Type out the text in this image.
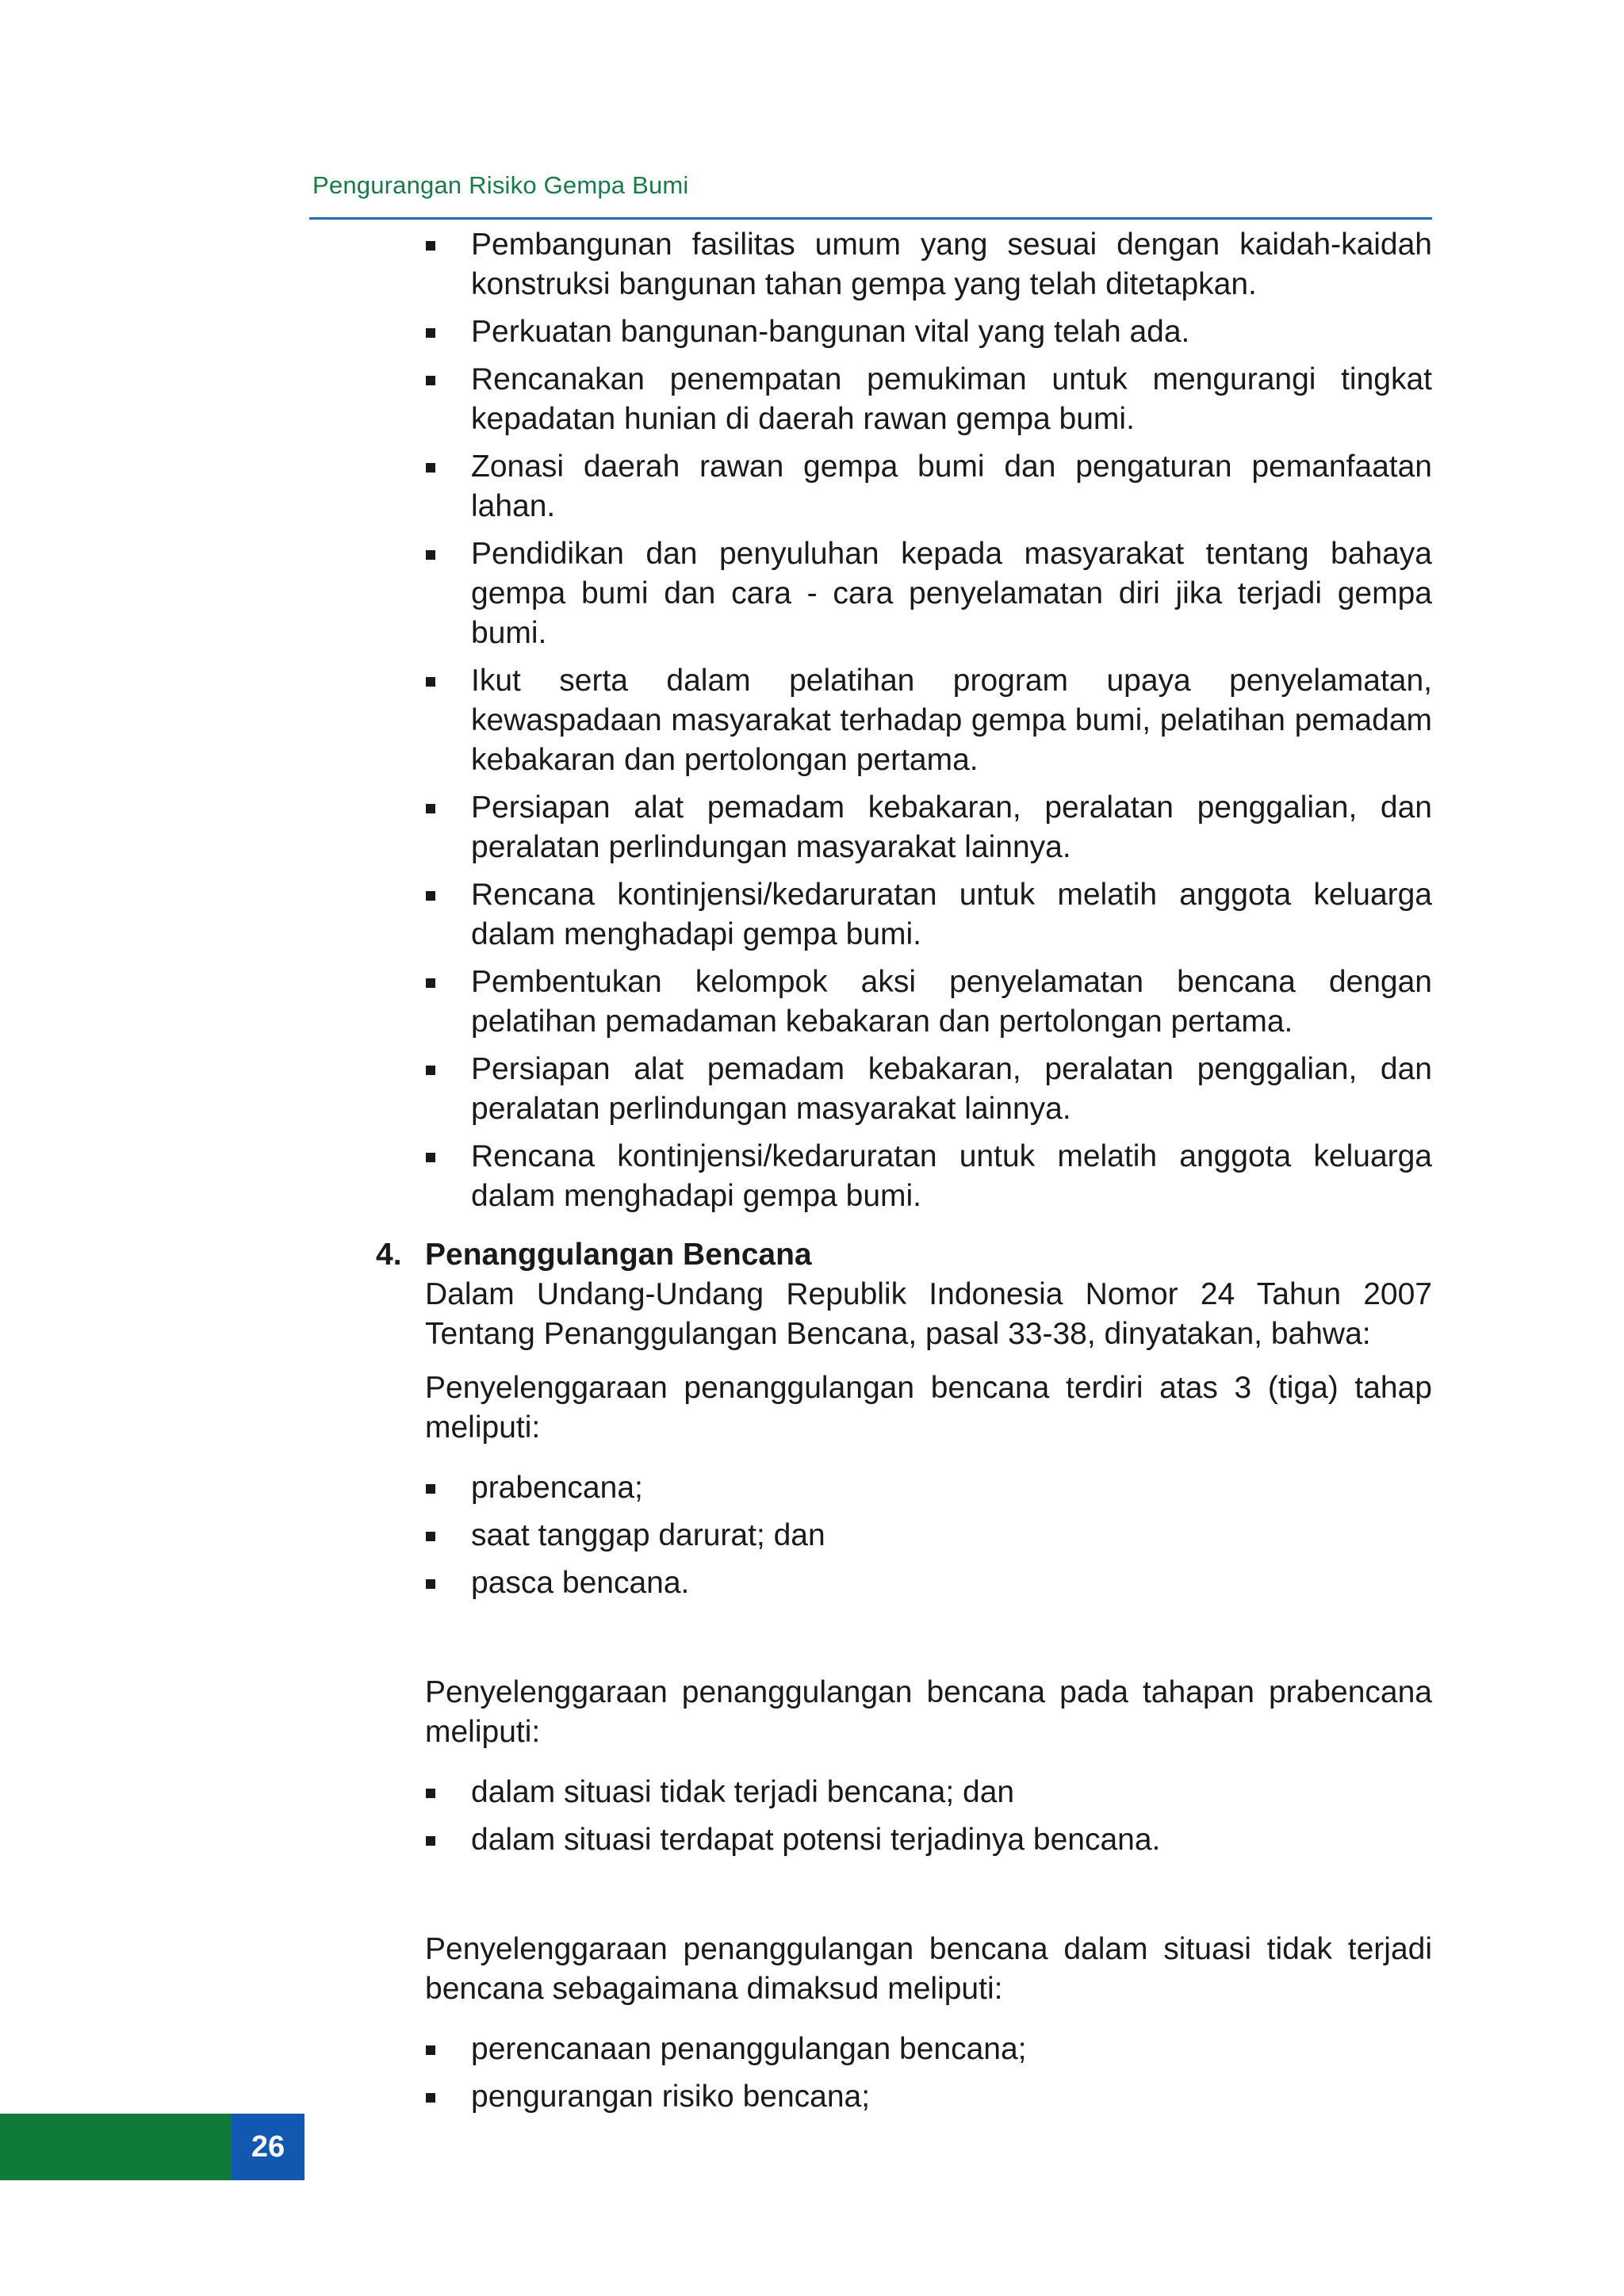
Pengurangan Risiko Gempa Bumi
Pembangunan fasilitas umum yang sesuai dengan kaidah-kaidah konstruksi bangunan tahan gempa yang telah ditetapkan.
Perkuatan bangunan-bangunan vital yang telah ada.
Rencanakan penempatan pemukiman untuk mengurangi tingkat kepadatan hunian di daerah rawan gempa bumi.
Zonasi daerah rawan gempa bumi dan pengaturan pemanfaatan lahan.
Pendidikan dan penyuluhan kepada masyarakat tentang bahaya gempa bumi dan cara - cara penyelamatan diri jika terjadi gempa bumi.
Ikut serta dalam pelatihan program upaya penyelamatan, kewaspadaan masyarakat terhadap gempa bumi, pelatihan pemadam kebakaran dan pertolongan pertama.
Persiapan alat pemadam kebakaran, peralatan penggalian, dan peralatan perlindungan masyarakat lainnya.
Rencana kontinjensi/kedaruratan untuk melatih anggota keluarga dalam menghadapi gempa bumi.
Pembentukan kelompok aksi penyelamatan bencana dengan pelatihan pemadaman kebakaran dan pertolongan pertama.
Persiapan alat pemadam kebakaran, peralatan penggalian, dan peralatan perlindungan masyarakat lainnya.
Rencana kontinjensi/kedaruratan untuk melatih anggota keluarga dalam menghadapi gempa bumi.
4. Penanggulangan Bencana

Dalam Undang-Undang Republik Indonesia Nomor 24 Tahun 2007 Tentang Penanggulangan Bencana, pasal 33-38, dinyatakan, bahwa:

Penyelenggaraan penanggulangan bencana terdiri atas 3 (tiga) tahap meliputi:

prabencana;
saat tanggap darurat; dan
pasca bencana.

Penyelenggaraan penanggulangan bencana pada tahapan prabencana meliputi:

dalam situasi tidak terjadi bencana; dan
dalam situasi terdapat potensi terjadinya bencana.

Penyelenggaraan penanggulangan bencana dalam situasi tidak terjadi bencana sebagaimana dimaksud meliputi:

perencanaan penanggulangan bencana;
pengurangan risiko bencana;
26
